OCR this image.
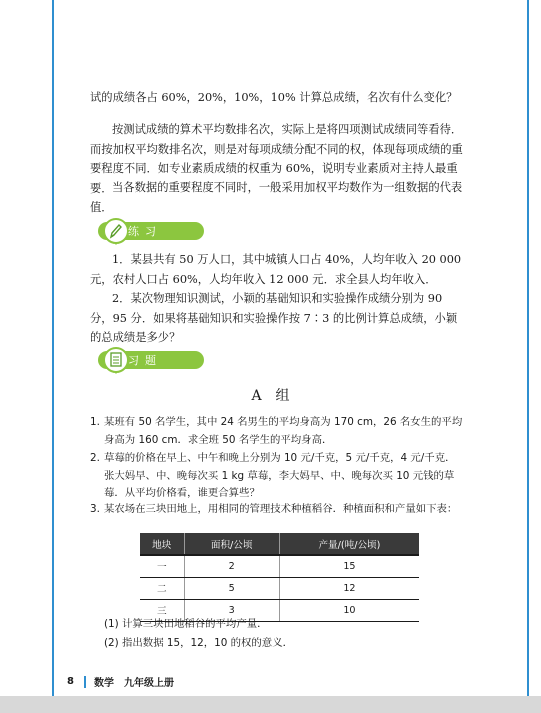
试的成绩各占 60%，20%，10%，10% 计算总成绩，名次有什么变化？
按测试成绩的算术平均数排名次，实际上是将四项测试成绩同等看待．而按加权平均数排名次，则是对每项成绩分配不同的权，体现每项成绩的重要程度不同．如专业素质成绩的权重为 60%，说明专业素质对主持人最重要． 当各数据的重要程度不同时，一般采用加权平均数作为一组数据的代表值．
练习
1．某县共有 50 万人口，其中城镇人口占 40%，人均年收入 20 000 元，农村人口占 60%，人均年收入 12 000 元．求全县人均年收入．
2．某次物理知识测试，小颖的基础知识和实验操作成绩分别为 90 分，95 分．如果将基础知识和实验操作按 7∶3 的比例计算总成绩，小颖的总成绩是多少？
习题
A　组
1. 某班有 50 名学生，其中 24 名男生的平均身高为 170 cm，26 名女生的平均身高为 160 cm．求全班 50 名学生的平均身高．
2. 草莓的价格在早上、中午和晚上分别为 10 元/千克，5 元/千克，4 元/千克．张大妈早、中、晚每次买 1 kg 草莓，李大妈早、中、晚每次买 10 元钱的草莓．从平均价格看，谁更合算些？
3. 某农场在三块田地上，用相同的管理技术种植稻谷．种植面积和产量如下表：
地块	面积/公顷	产量/(吨/公顷)
一	2	15
二	5	12
三	3	10
(1) 计算三块田地稻谷的平均产量．
(2) 指出数据 15，12，10 的权的意义．
8 数学　九年级上册
